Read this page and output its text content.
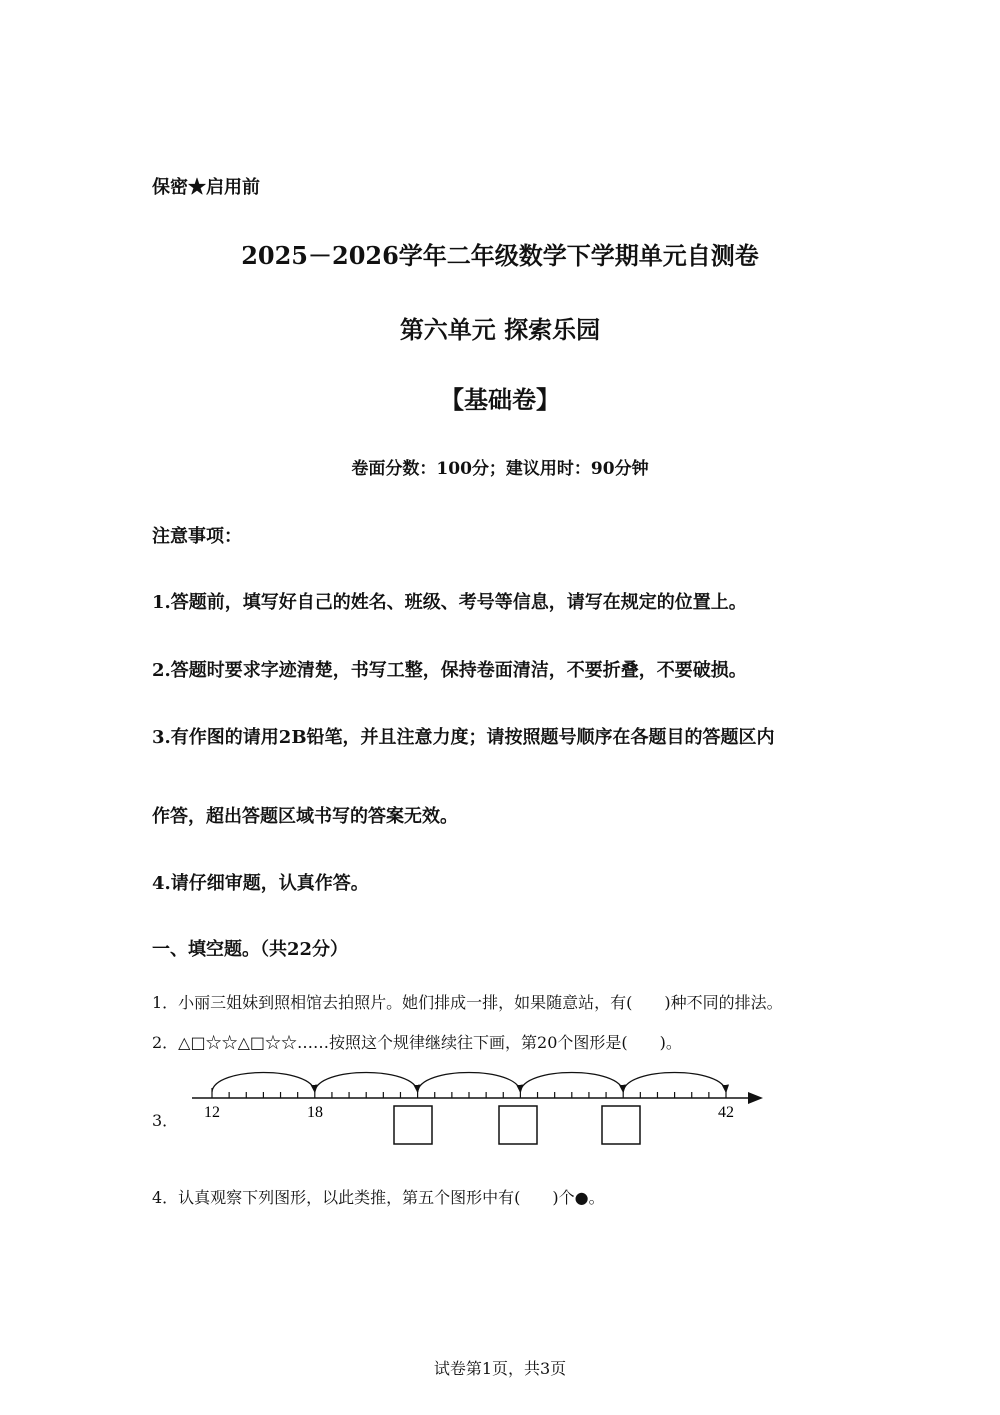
保密★启用前
2025－2026学年二年级数学下学期单元自测卷
第六单元 探索乐园
【基础卷】
卷面分数：100分；建议用时：90分钟
注意事项：
1.答题前，填写好自己的姓名、班级、考号等信息，请写在规定的位置上。
2.答题时要求字迹清楚，书写工整，保持卷面清洁，不要折叠，不要破损。
3.有作图的请用2B铅笔，并且注意力度；请按照题号顺序在各题目的答题区内
作答，超出答题区域书写的答案无效。
4.请仔细审题，认真作答。
一、填空题。（共22分）
1．小丽三姐妹到照相馆去拍照片。她们排成一排，如果随意站，有(　　)种不同的排法。
2．△□☆☆△□☆☆……按照这个规律继续往下画，第20个图形是(　　)。
3． 12	18	42
4．认真观察下列图形，以此类推，第五个图形中有(　　)个●。
试卷第1页，共3页
